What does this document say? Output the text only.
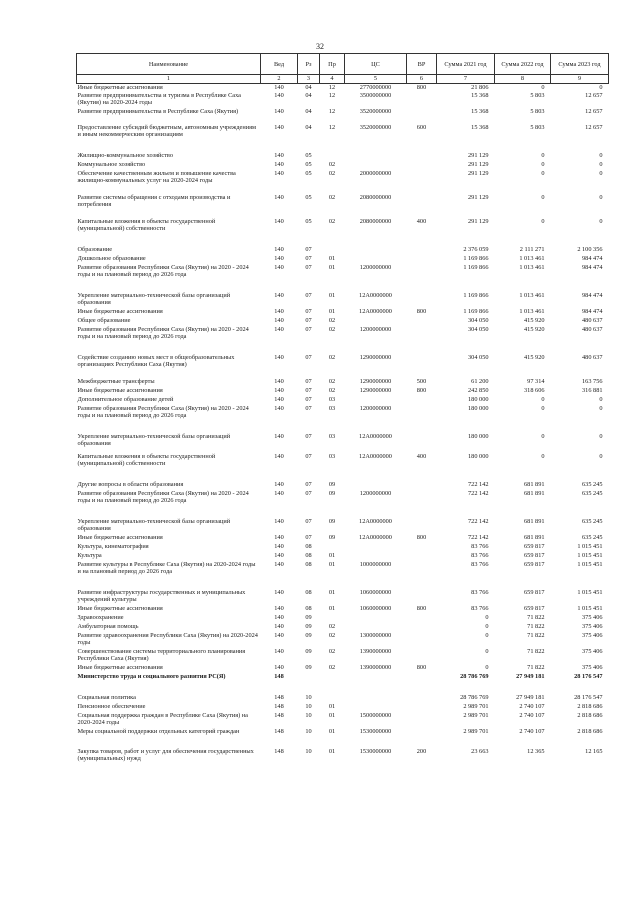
32
Наименование	Вед	Рз	Пр	ЦС	ВР	Сумма 2021 год	Сумма 2022 год	Сумма 2023 год
1	2	3	4	5	6	7	8	9
Иные бюджетные ассигнования	140	04	12	2770000000	800	21 806	0	0
Развитие предпринимательства и туризма в Республике Саха (Якутия) на 2020-2024 годы	140	04	12	3500000000		15 368	5 803	12 657
Развитие предпринимательства в Республике Саха (Якутия)	140	04	12	3520000000		15 368	5 803	12 657
Предоставление субсидий бюджетным, автономным учреждениям и иным некоммерческим организациям	140	04	12	3520000000	600	15 368	5 803	12 657

Жилищно-коммунальное хозяйство	140	05				291 129	0	0
Коммунальное хозяйство	140	05	02			291 129	0	0
Обеспечение качественным жильем и повышение качества жилищно-коммунальных услуг на 2020-2024 годы	140	05	02	2000000000		291 129	0	0
Развитие системы обращения с отходами производства и потребления	140	05	02	2080000000		291 129	0	0

Капитальные вложения в объекты государственной (муниципальной) собственности	140	05	02	2080000000	400	291 129	0	0

Образование	140	07				2 376 059	2 111 271	2 100 356
Дошкольное образование	140	07	01			1 169 866	1 013 461	984 474
Развитие образования Республики Саха (Якутия) на 2020 - 2024 годы и на плановый период до 2026 года	140	07	01	1200000000		1 169 866	1 013 461	984 474

Укрепление материально-технической базы организаций образования	140	07	01	12А0000000		1 169 866	1 013 461	984 474
Иные бюджетные ассигнования	140	07	01	12А0000000	800	1 169 866	1 013 461	984 474
Общее образование	140	07	02			304 050	415 920	480 637
Развитие образования Республики Саха (Якутия) на 2020 - 2024 годы и на плановый период до 2026 года	140	07	02	1200000000		304 050	415 920	480 637

Содействие созданию новых мест в общеобразовательных организациях Республики Саха (Якутия)	140	07	02	1290000000		304 050	415 920	480 637
Межбюджетные трансферты	140	07	02	1290000000	500	61 200	97 314	163 756
Иные бюджетные ассигнования	140	07	02	1290000000	800	242 850	318 606	316 881
Дополнительное образование детей	140	07	03			180 000	0	0
Развитие образования Республики Саха (Якутия) на 2020 - 2024 годы и на плановый период до 2026 года	140	07	03	1200000000		180 000	0	0

Укрепление материально-технической базы организаций образования	140	07	03	12А0000000		180 000	0	0

Капитальные вложения в объекты государственной (муниципальной) собственности	140	07	03	12А0000000	400	180 000	0	0

Другие вопросы в области образования	140	07	09			722 142	681 891	635 245
Развитие образования Республики Саха (Якутия) на 2020 - 2024 годы и на плановый период до 2026 года	140	07	09	1200000000		722 142	681 891	635 245

Укрепление материально-технической базы организаций образования	140	07	09	12А0000000		722 142	681 891	635 245
Иные бюджетные ассигнования	140	07	09	12А0000000	800	722 142	681 891	635 245
Культура, кинематография	140	08				83 766	659 817	1 015 451
Культура	140	08	01			83 766	659 817	1 015 451
Развитие культуры в Республике Саха (Якутия) на 2020-2024 годы и на плановый период до 2026 года	140	08	01	1000000000		83 766	659 817	1 015 451

Развитие инфраструктуры государственных и муниципальных учреждений культуры	140	08	01	1060000000		83 766	659 817	1 015 451
Иные бюджетные ассигнования	140	08	01	1060000000	800	83 766	659 817	1 015 451
Здравоохранение	140	09				0	71 822	375 406
Амбулаторная помощь	140	09	02			0	71 822	375 406
Развитие здравоохранения Республики Саха (Якутия) на 2020-2024 годы	140	09	02	1300000000		0	71 822	375 406
Совершенствование системы территориального планирования Республики Саха (Якутия)	140	09	02	1390000000		0	71 822	375 406
Иные бюджетные ассигнования	140	09	02	1390000000	800	0	71 822	375 406
Министерство труда и социального развития РС(Я)	148					28 786 769	27 949 181	28 176 547

Социальная политика	148	10				28 786 769	27 949 181	28 176 547
Пенсионное обеспечение	148	10	01			2 989 701	2 740 107	2 818 686
Социальная поддержка граждан в Республике Саха (Якутия) на 2020-2024 годы	148	10	01	1500000000		2 989 701	2 740 107	2 818 686
Меры социальной поддержки отдельных категорий граждан	148	10	01	1530000000		2 989 701	2 740 107	2 818 686

Закупка товаров, работ и услуг для обеспечения государственных (муниципальных) нужд	148	10	01	1530000000	200	23 663	12 365	12 165
